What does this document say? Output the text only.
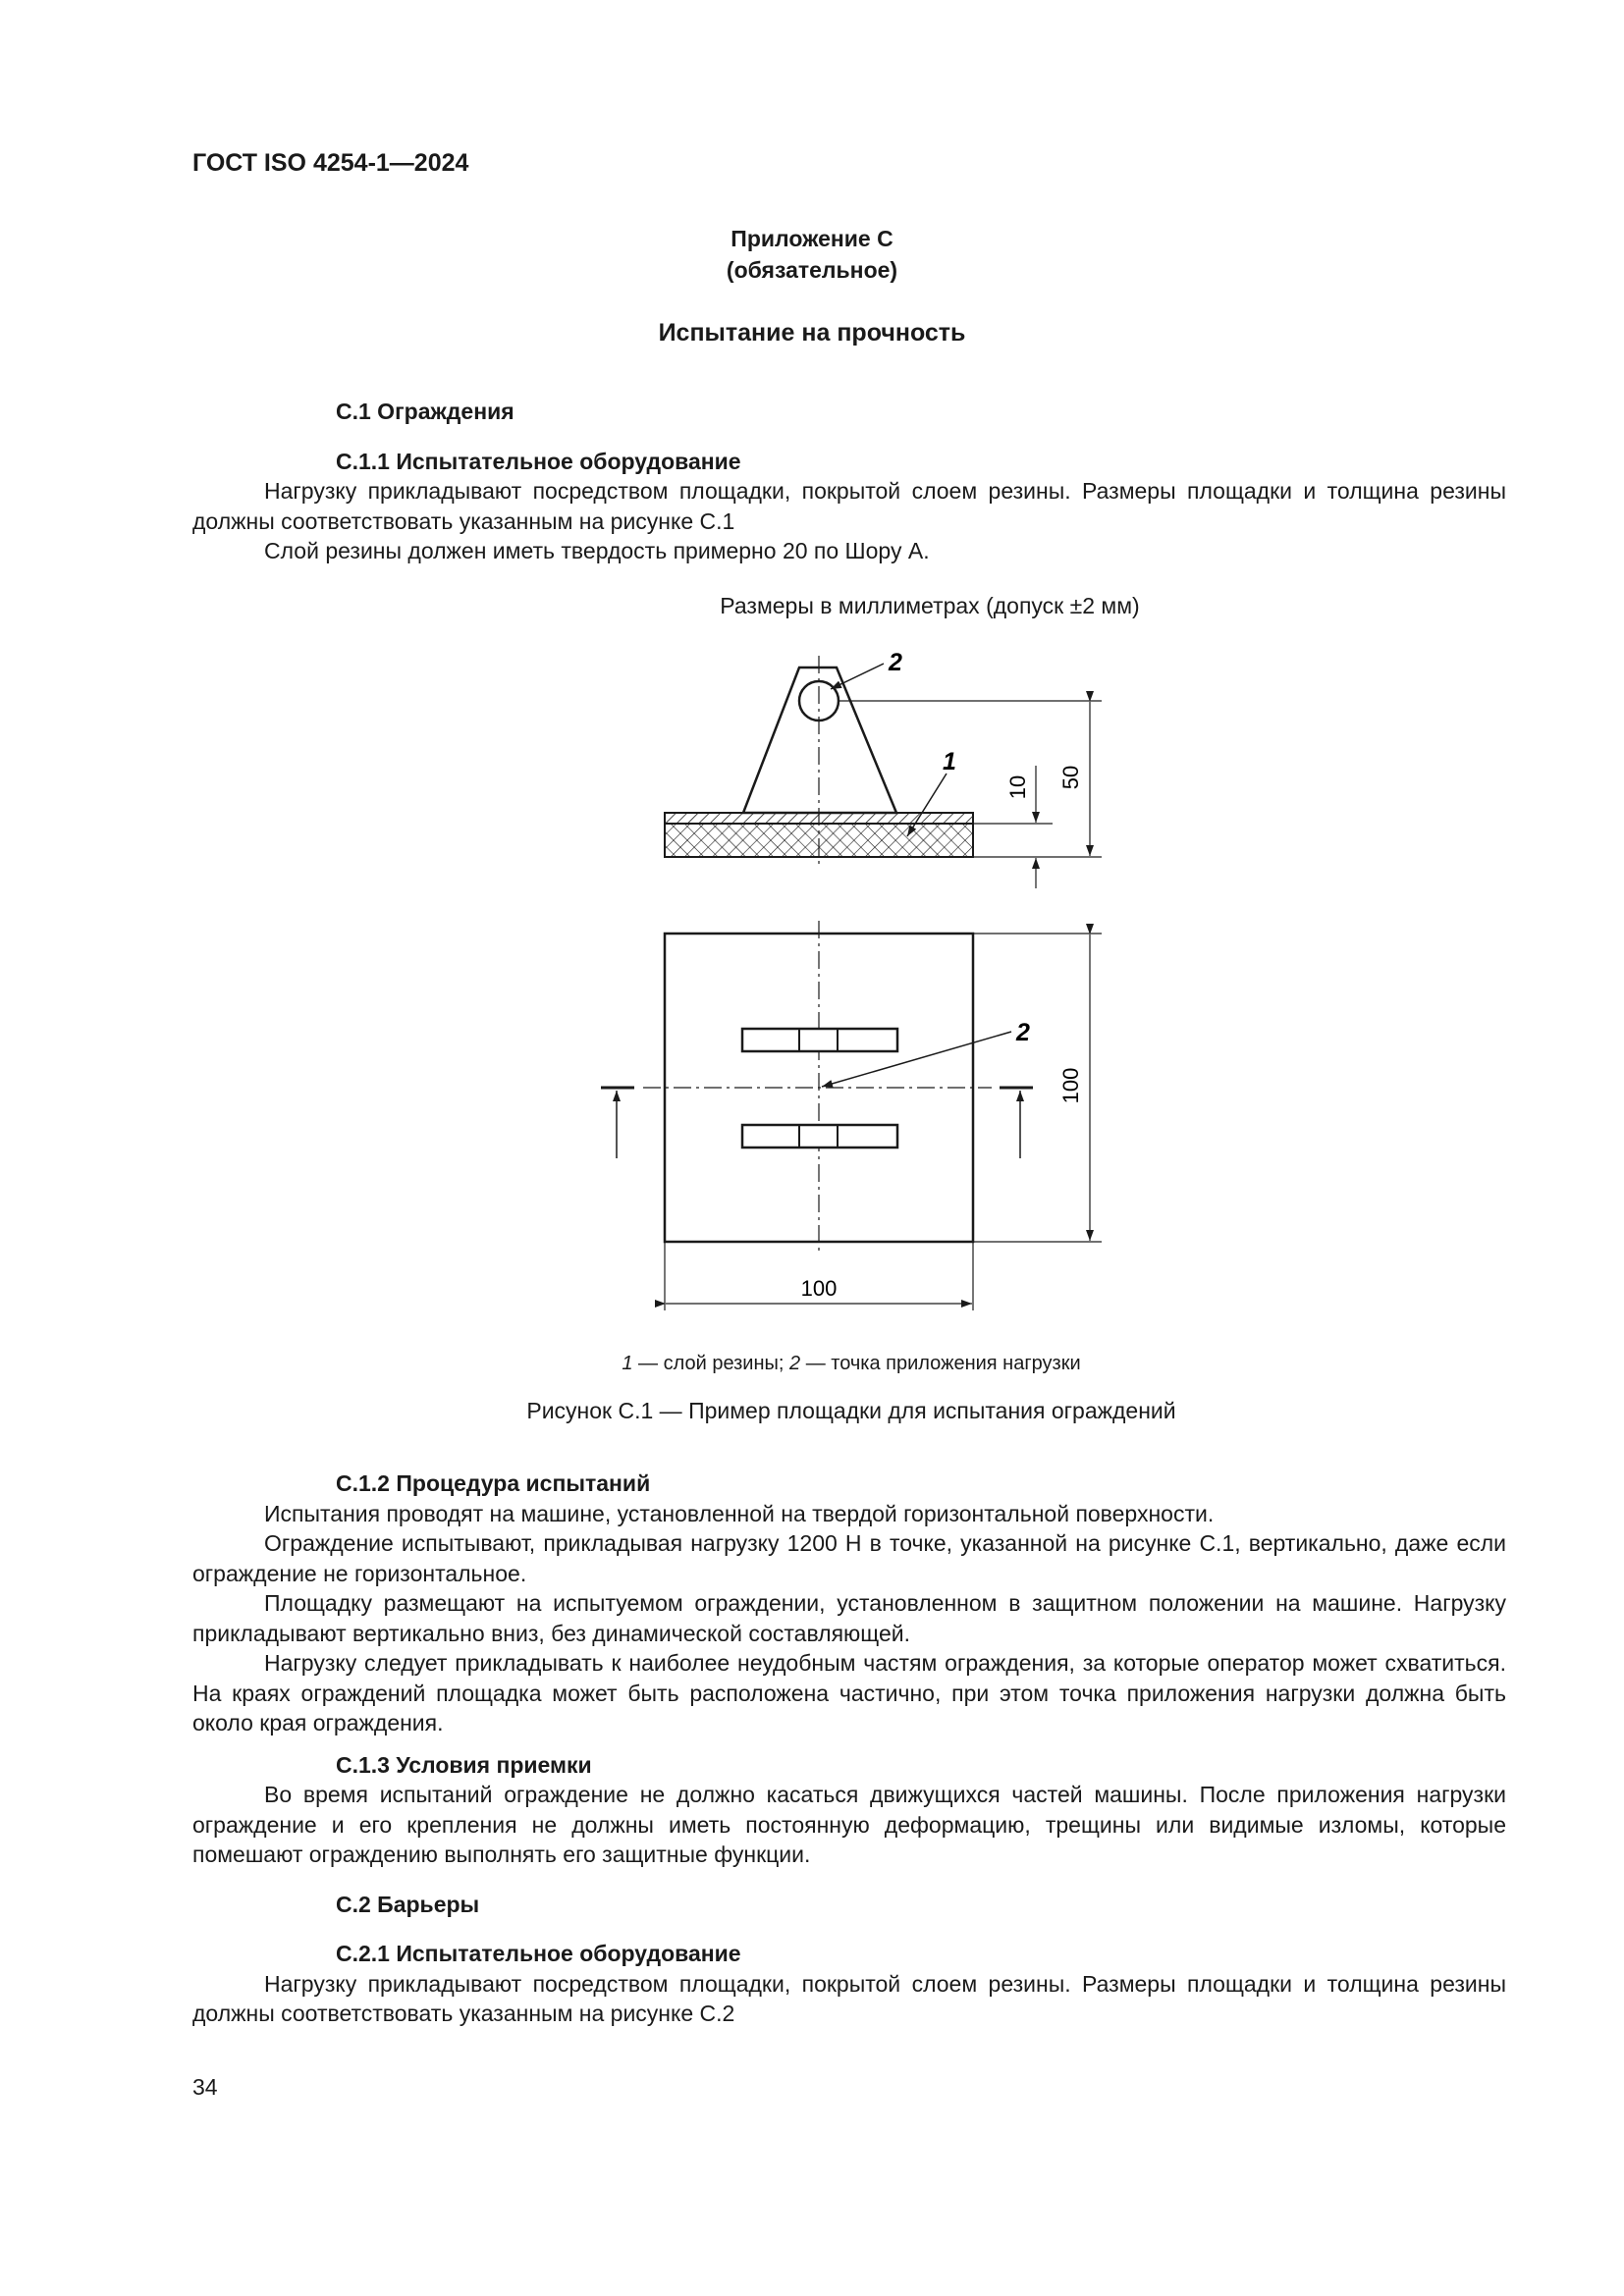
ГОСТ ISO 4254-1—2024
Приложение С
(обязательное)
Испытание на прочность

С.1 Ограждения

С.1.1 Испытательное оборудование

Нагрузку прикладывают посредством площадки, покрытой слоем резины. Размеры площадки и толщина резины должны соответствовать указанным на рисунке С.1

Слой резины должен иметь твердость примерно 20 по Шору А.

Размеры в миллиметрах (допуск ±2 мм)
10 50
2
1
2
100
100
1 — слой резины; 2 — точка приложения нагрузки
Рисунок С.1 — Пример площадки для испытания ограждений

С.1.2 Процедура испытаний

Испытания проводят на машине, установленной на твердой горизонтальной поверхности.

Ограждение испытывают, прикладывая нагрузку 1200 Н в точке, указанной на рисунке С.1, вертикально, даже если ограждение не горизонтальное.

Площадку размещают на испытуемом ограждении, установленном в защитном положении на машине. Нагрузку прикладывают вертикально вниз, без динамической составляющей.

Нагрузку следует прикладывать к наиболее неудобным частям ограждения, за которые оператор может схватиться. На краях ограждений площадка может быть расположена частично, при этом точка приложения нагрузки должна быть около края ограждения.

С.1.3 Условия приемки

Во время испытаний ограждение не должно касаться движущихся частей машины. После приложения нагрузки ограждение и его крепления не должны иметь постоянную деформацию, трещины или видимые изломы, которые помешают ограждению выполнять его защитные функции.

С.2 Барьеры

С.2.1 Испытательное оборудование

Нагрузку прикладывают посредством площадки, покрытой слоем резины. Размеры площадки и толщина резины должны соответствовать указанным на рисунке С.2

34
